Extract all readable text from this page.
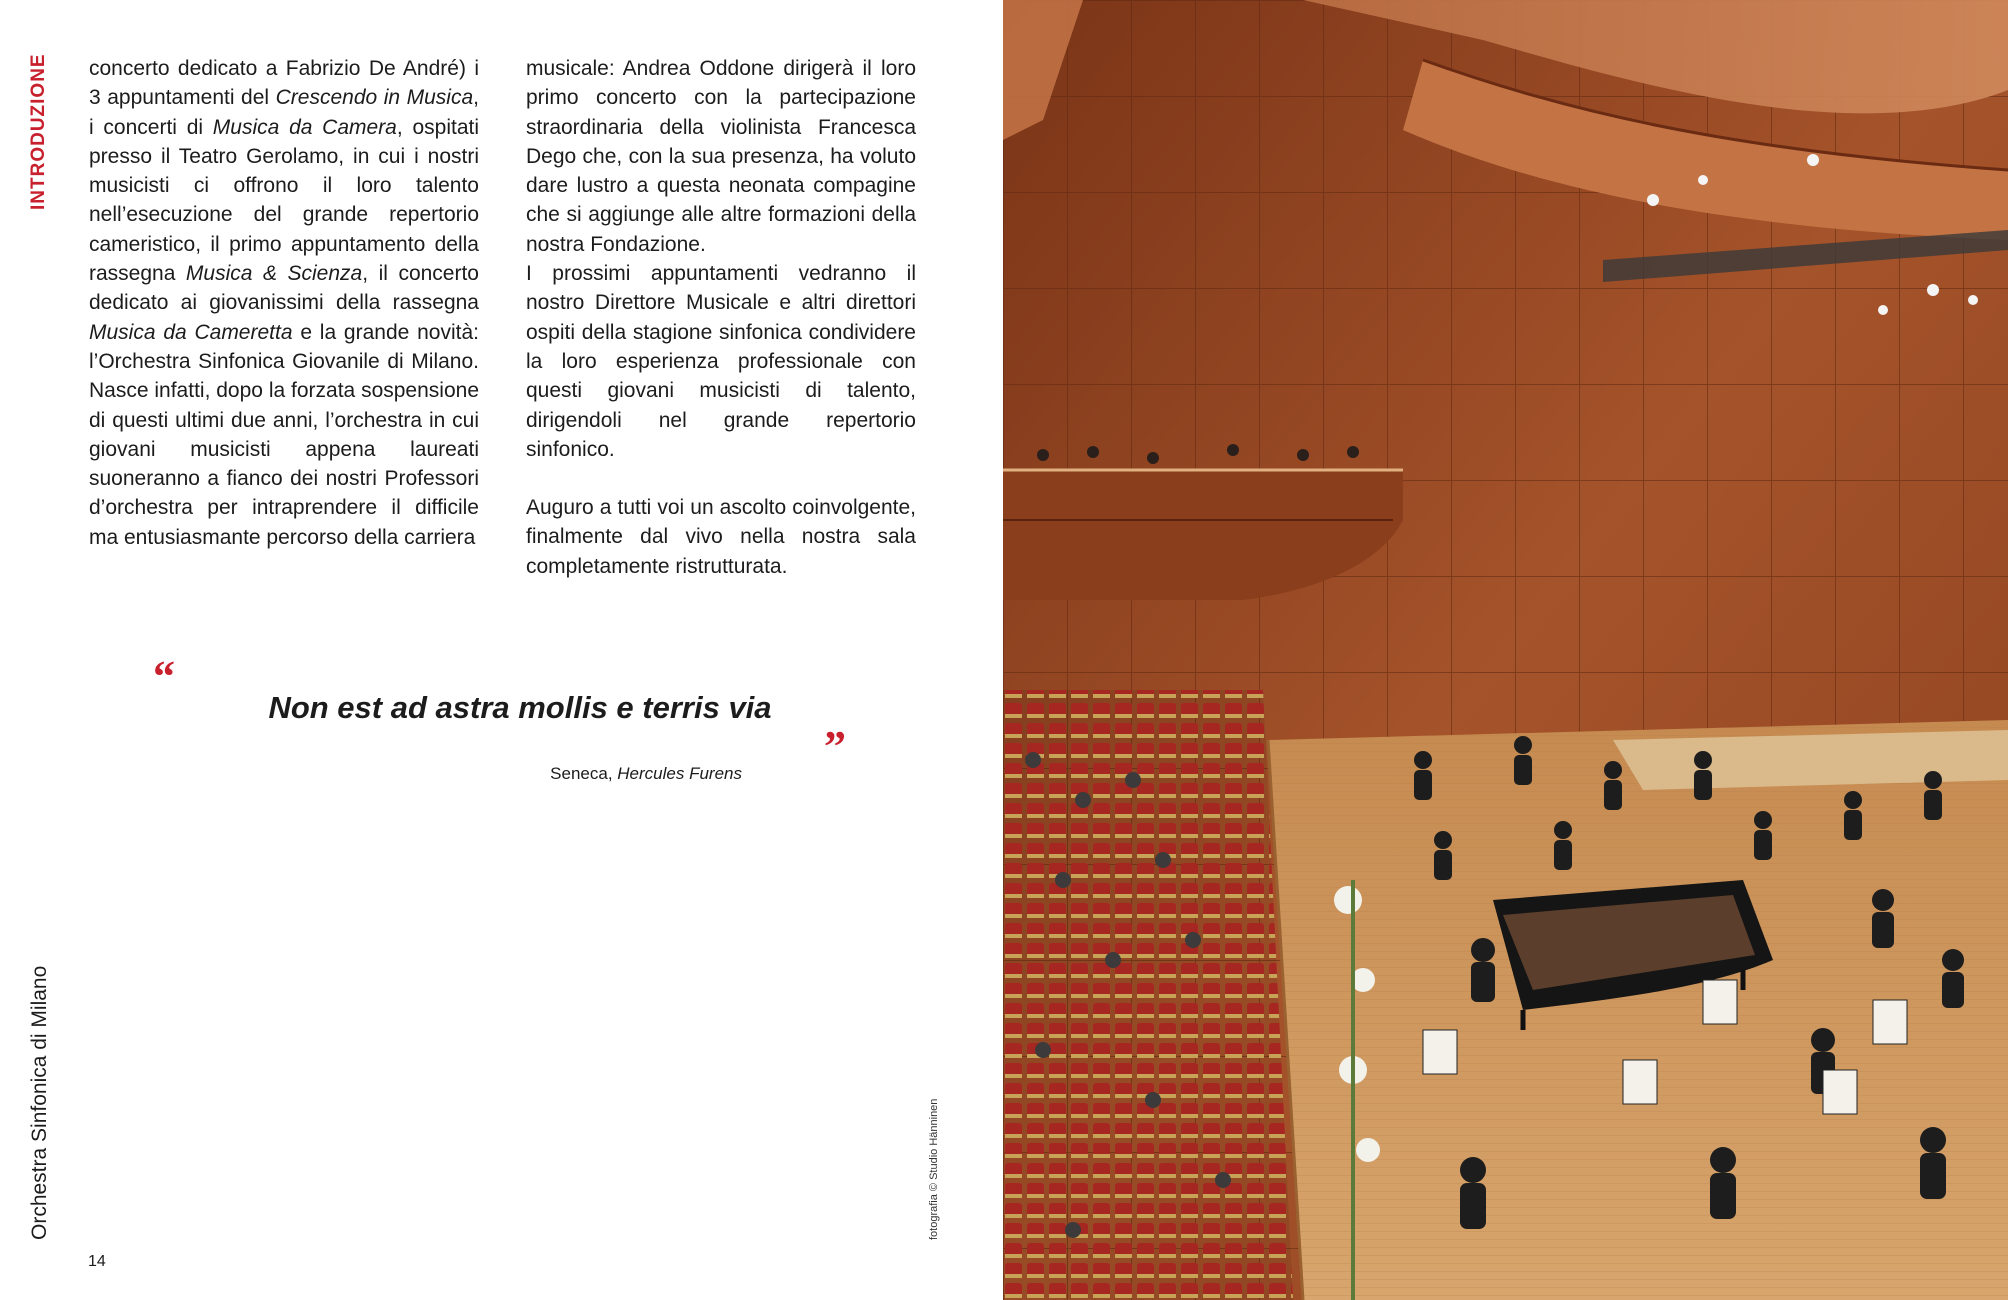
INTRODUZIONE
Orchestra Sinfonica di Milano
14

concerto dedicato a Fabrizio De André) i 3 appuntamenti del Crescendo in Musica, i concerti di Musica da Camera, ospitati presso il Teatro Gerolamo, in cui i nostri musicisti ci offrono il loro talento nell’esecuzione del grande repertorio cameristico, il primo appuntamento della rassegna Musica & Scienza, il concerto dedicato ai giovanissimi della rassegna Musica da Cameretta e la grande novità: l’Orchestra Sinfonica Giovanile di Milano. Nasce infatti, dopo la forzata sospensione di questi ultimi due anni, l’orchestra in cui giovani musicisti appena laureati suoneranno a fianco dei nostri Professori d’orchestra per intraprendere il difficile ma entusiasmante percorso della carriera

musicale: Andrea Oddone dirigerà il loro primo concerto con la partecipazione straordinaria della violinista Francesca Dego che, con la sua presenza, ha voluto dare lustro a questa neonata compagine che si aggiunge alle altre formazioni della nostra Fondazione.

I prossimi appuntamenti vedranno il nostro Direttore Musicale e altri direttori ospiti della stagione sinfonica condividere la loro esperienza professionale con questi giovani musicisti di talento, dirigendoli nel grande repertorio sinfonico.

Auguro a tutti voi un ascolto coinvolgente, finalmente dal vivo nella nostra sala completamente ristrutturata.

“
Non est ad astra mollis e terris via
”
Seneca, Hercules Furens
fotografia © Studio Hänninen
